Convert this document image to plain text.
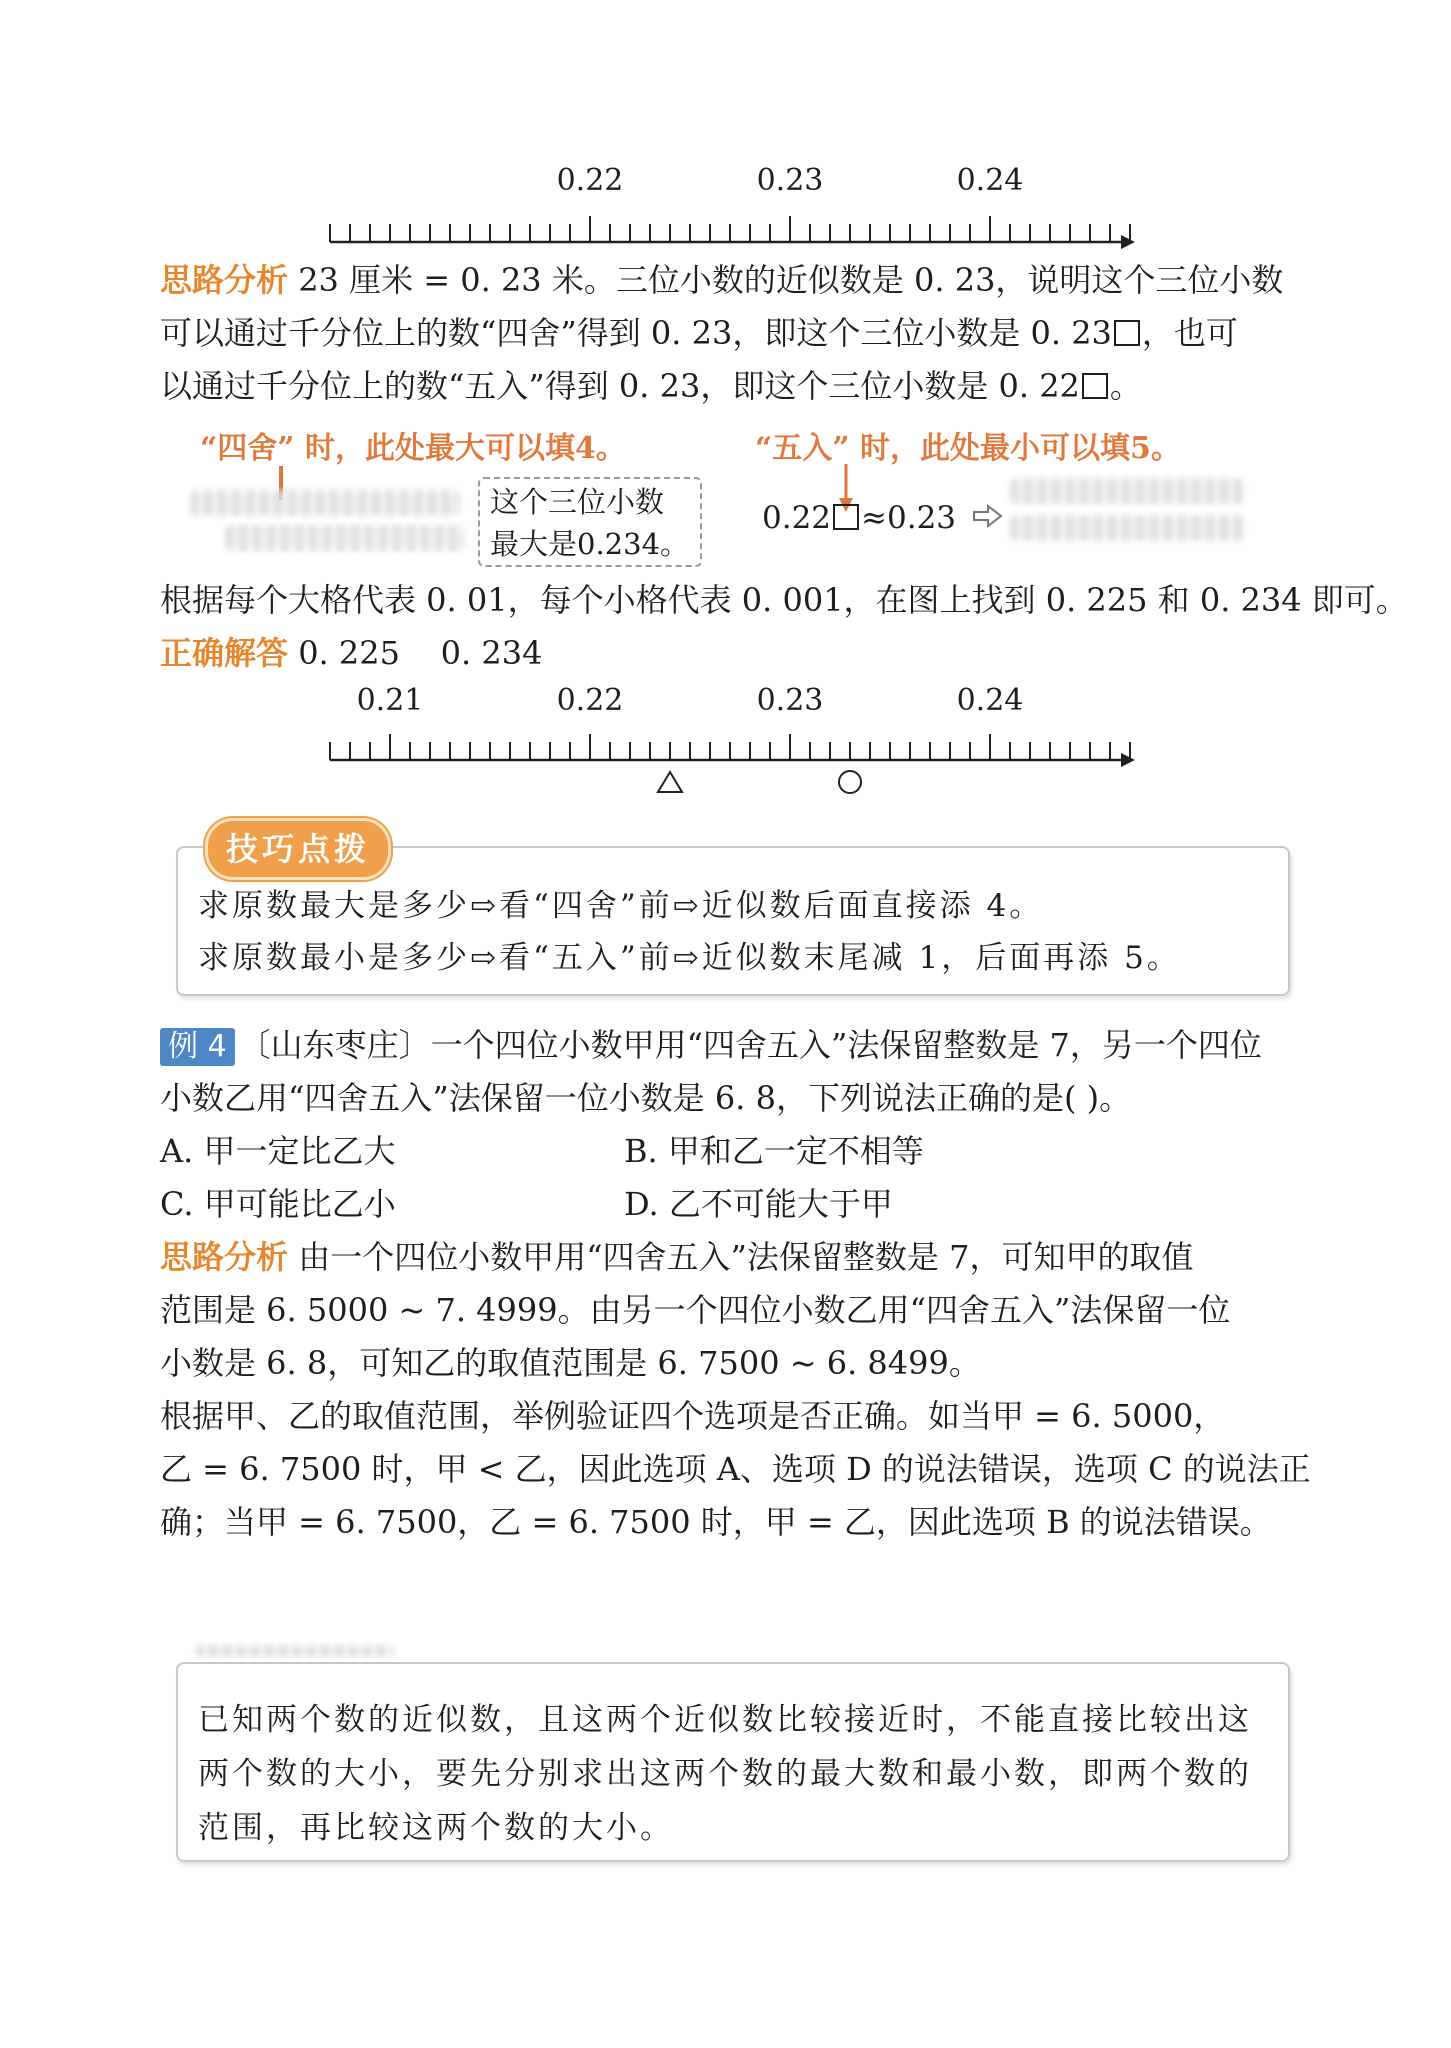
0.22	0.23	0.24
思路分析 23 厘米 = 0. 23 米。三位小数的近似数是 0. 23，说明这个三位小数
可以通过千分位上的数“四舍”得到 0. 23，即这个三位小数是 0. 23 ，也可
以通过千分位上的数“五入”得到 0. 23，即这个三位小数是 0. 22 。
“四舍” 时，此处最大可以填4。	“五入” 时，此处最小可以填5。
这个三位小数
最大是0.234。
0.22 ≈0.23
根据每个大格代表 0. 01，每个小格代表 0. 001，在图上找到 0. 225 和 0. 234 即可。
正确解答 0. 225    0. 234
0.21	0.22	0.23	0.24
求原数最大是多少⇨看“四舍”前⇨近似数后面直接添 4。
求原数最小是多少⇨看“五入”前⇨近似数末尾减 1，后面再添 5。
技巧点拨
例 4 〔山东枣庄〕一个四位小数甲用“四舍五入”法保留整数是 7，另一个四位
小数乙用“四舍五入”法保留一位小数是 6. 8，下列说法正确的是( )。
A. 甲一定比乙大	B. 甲和乙一定不相等
C. 甲可能比乙小	D. 乙不可能大于甲
思路分析 由一个四位小数甲用“四舍五入”法保留整数是 7，可知甲的取值
范围是 6. 5000 ~ 7. 4999。由另一个四位小数乙用“四舍五入”法保留一位
小数是 6. 8，可知乙的取值范围是 6. 7500 ~ 6. 8499。
根据甲、乙的取值范围，举例验证四个选项是否正确。如当甲 = 6. 5000，
乙 = 6. 7500 时，甲 < 乙，因此选项 A、选项 D 的说法错误，选项 C 的说法正
确；当甲 = 6. 7500，乙 = 6. 7500 时，甲 = 乙，因此选项 B 的说法错误。
已知两个数的近似数，且这两个近似数比较接近时，不能直接比较出这
两个数的大小，要先分别求出这两个数的最大数和最小数，即两个数的
范围，再比较这两个数的大小。
